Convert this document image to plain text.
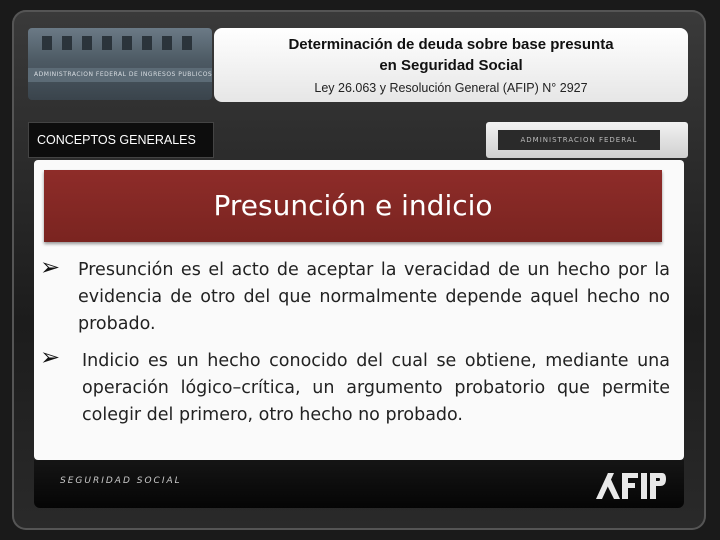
ADMINISTRACION FEDERAL DE INGRESOS PUBLICOS
Determinación de deuda sobre base presunta
en Seguridad Social
Ley 26.063 y Resolución General (AFIP) N° 2927
CONCEPTOS GENERALES	ADMINISTRACION FEDERAL
Presunción e indicio
➢ Presunción es el acto de aceptar la veracidad de un hecho por la evidencia de otro del que normalmente depende aquel hecho no probado.
➢ Indicio es un hecho conocido del cual se obtiene, mediante una operación lógico–crítica, un argumento probatorio que permite colegir del primero, otro hecho no probado.
SEGURIDAD SOCIAL
